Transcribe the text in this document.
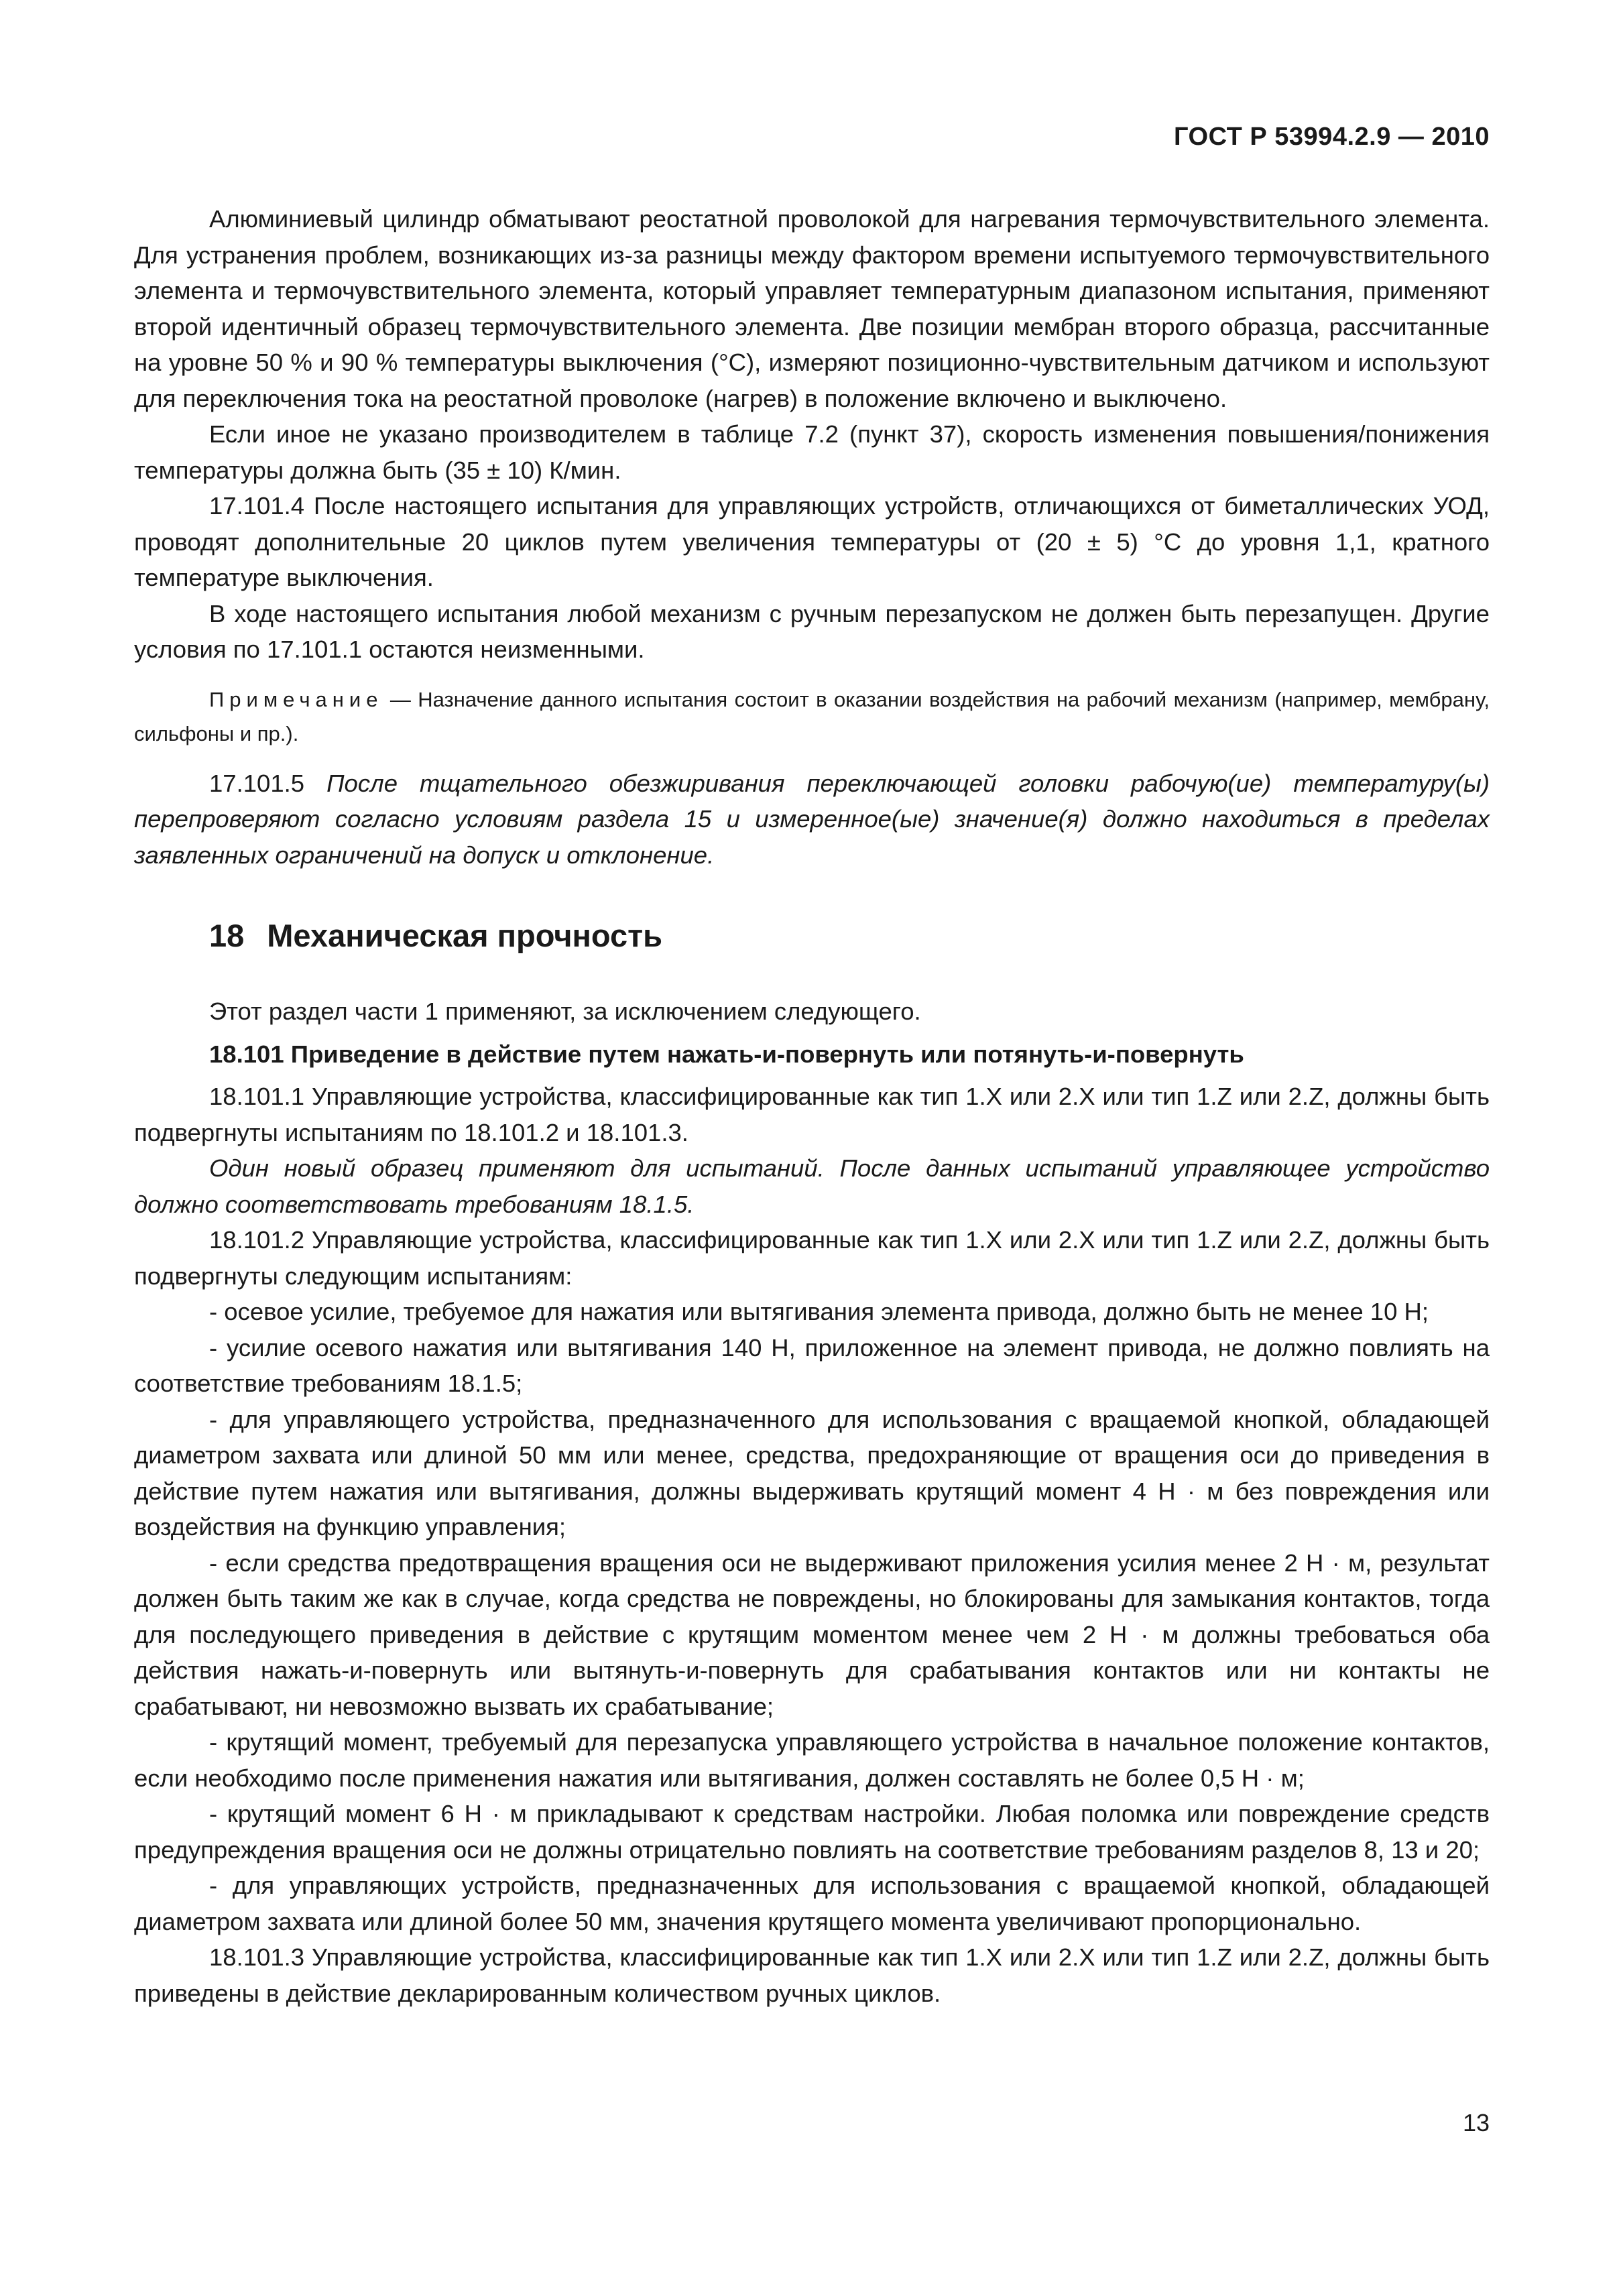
ГОСТ Р 53994.2.9 — 2010

Алюминиевый цилиндр обматывают реостатной проволокой для нагревания термочувствительного элемента. Для устранения проблем, возникающих из-за разницы между фактором времени испытуемого термочувствительного элемента и термочувствительного элемента, который управляет температурным диапазоном испытания, применяют второй идентичный образец термочувствительного элемента. Две позиции мембран второго образца, рассчитанные на уровне 50 % и 90 % температуры выключения (°С), измеряют позиционно-чувствительным датчиком и используют для переключения тока на реостатной проволоке (нагрев) в положение включено и выключено.

Если иное не указано производителем в таблице 7.2 (пункт 37), скорость изменения повышения/понижения температуры должна быть (35 ± 10) К/мин.

17.101.4 После настоящего испытания для управляющих устройств, отличающихся от биметаллических УОД, проводят дополнительные 20 циклов путем увеличения температуры от (20 ± 5) °С до уровня 1,1, кратного температуре выключения.

В ходе настоящего испытания любой механизм с ручным перезапуском не должен быть перезапущен. Другие условия по 17.101.1 остаются неизменными.

Примечание — Назначение данного испытания состоит в оказании воздействия на рабочий механизм (например, мембрану, сильфоны и пр.).

17.101.5 После тщательного обезжиривания переключающей головки рабочую(ие) температуру(ы) перепроверяют согласно условиям раздела 15 и измеренное(ые) значение(я) должно находиться в пределах заявленных ограничений на допуск и отклонение.

18 Механическая прочность

Этот раздел части 1 применяют, за исключением следующего.

18.101 Приведение в действие путем нажать-и-повернуть или потянуть-и-повернуть

18.101.1 Управляющие устройства, классифицированные как тип 1.X или 2.X или тип 1.Z или 2.Z, должны быть подвергнуты испытаниям по 18.101.2 и 18.101.3.

Один новый образец применяют для испытаний. После данных испытаний управляющее устройство должно соответствовать требованиям 18.1.5.

18.101.2 Управляющие устройства, классифицированные как тип 1.X или 2.X или тип 1.Z или 2.Z, должны быть подвергнуты следующим испытаниям:

- осевое усилие, требуемое для нажатия или вытягивания элемента привода, должно быть не менее 10 Н;

- усилие осевого нажатия или вытягивания 140 Н, приложенное на элемент привода, не должно повлиять на соответствие требованиям 18.1.5;

- для управляющего устройства, предназначенного для использования с вращаемой кнопкой, обладающей диаметром захвата или длиной 50 мм или менее, средства, предохраняющие от вращения оси до приведения в действие путем нажатия или вытягивания, должны выдерживать крутящий момент 4 Н · м без повреждения или воздействия на функцию управления;

- если средства предотвращения вращения оси не выдерживают приложения усилия менее 2 Н · м, результат должен быть таким же как в случае, когда средства не повреждены, но блокированы для замыкания контактов, тогда для последующего приведения в действие с крутящим моментом менее чем 2 Н · м должны требоваться оба действия нажать-и-повернуть или вытянуть-и-повернуть для срабатывания контактов или ни контакты не срабатывают, ни невозможно вызвать их срабатывание;

- крутящий момент, требуемый для перезапуска управляющего устройства в начальное положение контактов, если необходимо после применения нажатия или вытягивания, должен составлять не более 0,5 Н · м;

- крутящий момент 6 Н · м прикладывают к средствам настройки. Любая поломка или повреждение средств предупреждения вращения оси не должны отрицательно повлиять на соответствие требованиям разделов 8, 13 и 20;

- для управляющих устройств, предназначенных для использования с вращаемой кнопкой, обладающей диаметром захвата или длиной более 50 мм, значения крутящего момента увеличивают пропорционально.

18.101.3 Управляющие устройства, классифицированные как тип 1.X или 2.X или тип 1.Z или 2.Z, должны быть приведены в действие декларированным количеством ручных циклов.

13
